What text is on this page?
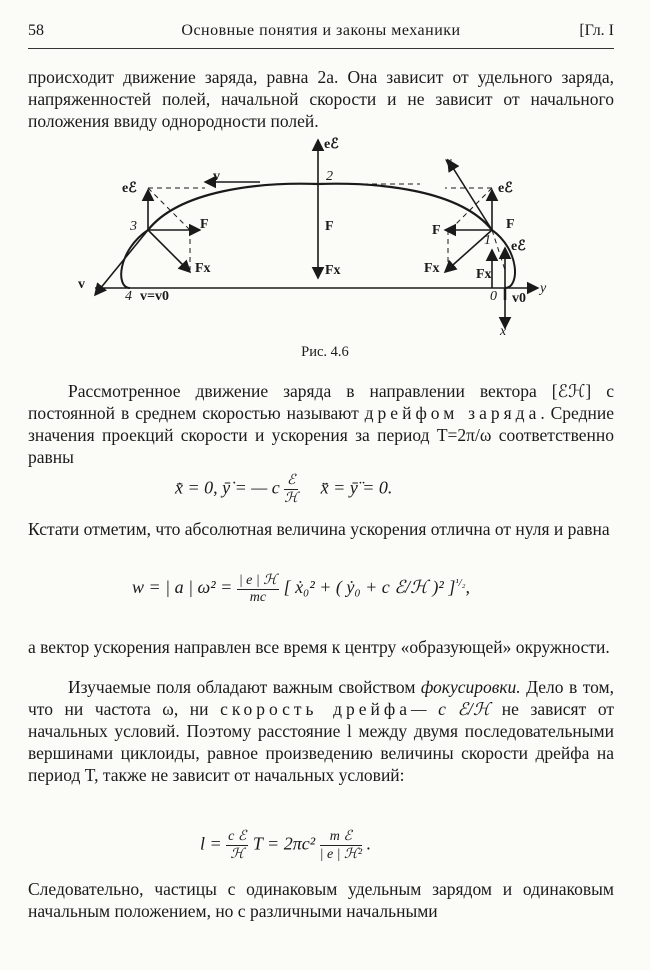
58	Основные понятия и законы механики	[Гл. I
происходит движение заряда, равна 2a. Она зависит от удельного заряда, напряженностей полей, начальной скорости и не зависит от начального положения ввиду однородности полей.
eℰ
F
Fx
v	2
eℰ
F
Fx
v
3
eℰ
F
F
Fx
v
1 eℰ
Fx
0 v0
y
x
4 v=v0
Рис. 4.6
Рассмотренное движение заряда в направлении вектора [ℰℋ] с постоянной в среднем скоростью называют дрейфом заряда. Средние значения проекций скорости и ускорения за период T=2π/ω соответственно равны
x̄̇ = 0, ȳ̇ = — c $\frac{\text{ℰ}}{\text{ℋ}}$ x̄̈ = ȳ̈ = 0.
Кстати отметим, что абсолютная величина ускорения отлична от нуля и равна
w = | a | $\omega^2 = \frac{\text{| e | ℋ}}{mc}$ [ ẋ₀² + ( ẏ₀ + c ℰ/ℋ )² ]$^{^1/_2}$,
а вектор ускорения направлен все время к центру «образующей» окружности.
Изучаемые поля обладают важным свойством фокусировки. Дело в том, что ни частота ω, ни скорость дрейфа— c ℰ/ℋ не зависят от начальных условий. Поэтому расстояние l между двумя последовательными вершинами циклоиды, равное произведению величины скорости дрейфа на период T, также не зависит от начальных условий:
$l = \frac{\text{c ℰ}}{\text{ℋ}}$ $T = 2\pi c^2 \frac{\text{m ℰ}}{\text{| e | ℋ²}}$ .
Следовательно, частицы с одинаковым удельным зарядом и одинаковым начальным положением, но с различными начальными
